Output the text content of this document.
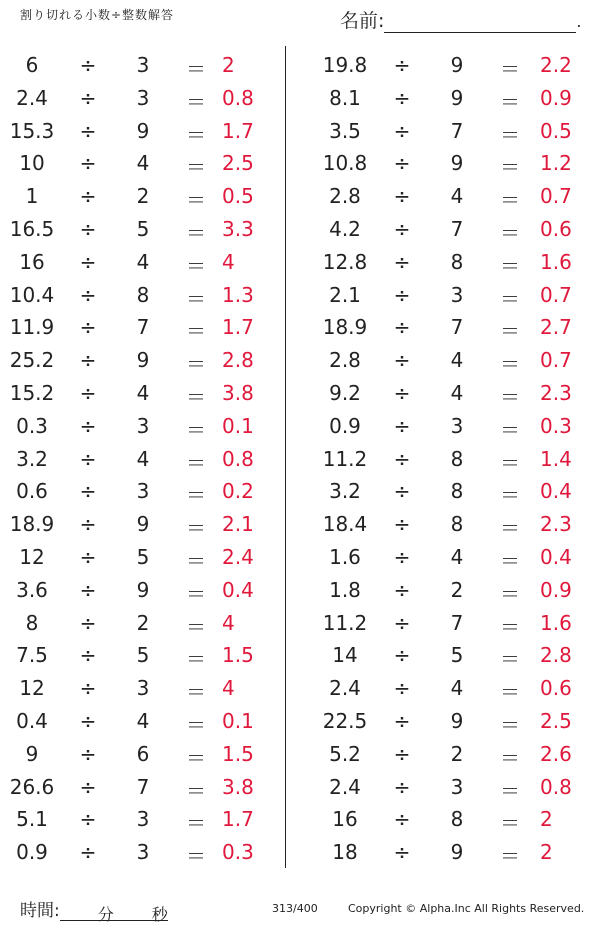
割り切れる小数÷整数解答	名前:	.
6	÷	3	＝ 2
2.4	÷	3	＝ 0.8
15.3 ÷	9	＝ 1.7
10	÷	4	＝ 2.5
1	÷	2	＝ 0.5
16.5 ÷	5	＝ 3.3
16	÷	4	＝ 4
10.4 ÷	8	＝ 1.3
11.9 ÷	7	＝ 1.7
25.2 ÷	9	＝ 2.8
15.2 ÷	4	＝ 3.8
0.3	÷	3	＝ 0.1
3.2	÷	4	＝ 0.8
0.6	÷	3	＝ 0.2
18.9 ÷	9	＝ 2.1
12	÷	5	＝ 2.4
3.6	÷	9	＝ 0.4
8	÷	2	＝ 4
7.5	÷	5	＝ 1.5
12	÷	3	＝ 4
0.4	÷	4	＝ 0.1
9	÷	6	＝ 1.5
26.6 ÷	7	＝ 3.8
5.1	÷	3	＝ 1.7
0.9	÷	3	＝ 0.3
19.8	÷	9	＝ 2.2
8.1	÷	9	＝ 0.9
3.5	÷	7	＝ 0.5
10.8	÷	9	＝ 1.2
2.8	÷	4	＝ 0.7
4.2	÷	7	＝ 0.6
12.8	÷	8	＝ 1.6
2.1	÷	3	＝ 0.7
18.9	÷	7	＝ 2.7
2.8	÷	4	＝ 0.7
9.2	÷	4	＝ 2.3
0.9	÷	3	＝ 0.3
11.2	÷	8	＝ 1.4
3.2	÷	8	＝ 0.4
18.4	÷	8	＝ 2.3
1.6	÷	4	＝ 0.4
1.8	÷	2	＝ 0.9
11.2	÷	7	＝ 1.6
14	÷	5	＝ 2.8
2.4	÷	4	＝ 0.6
22.5	÷	9	＝ 2.5
5.2	÷	2	＝ 2.6
2.4	÷	3	＝ 0.8
16	÷	8	＝ 2
18	÷	9	＝ 2
時間: 分 秒	313/400	Copyright © Alpha.Inc All Rights Reserved.
